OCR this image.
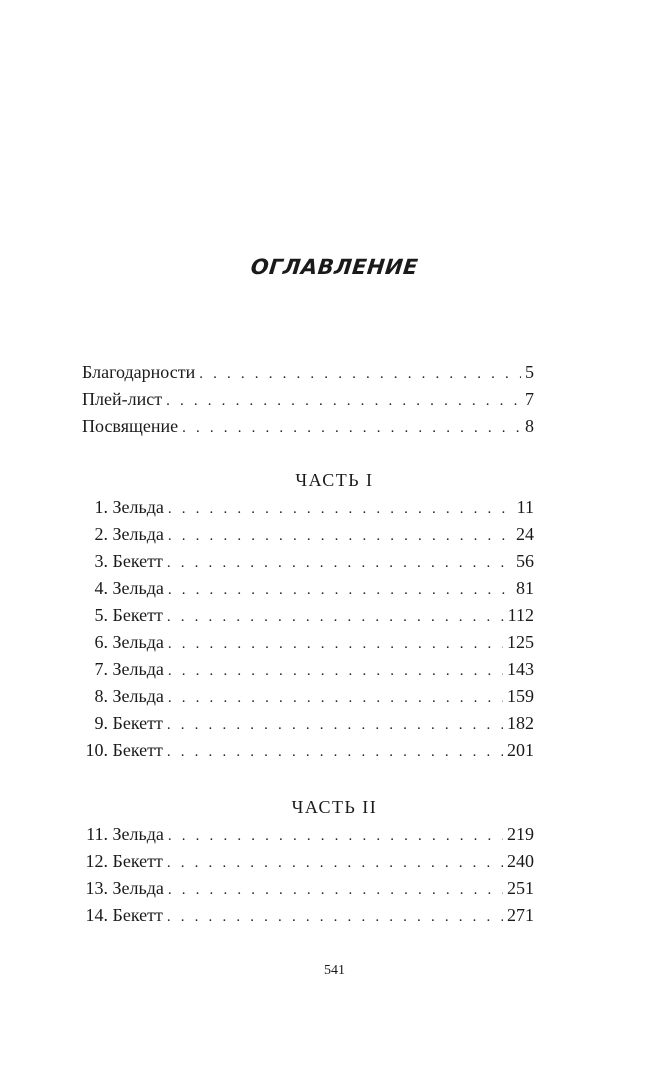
ОГЛАВЛЕНИЕ
Благодарности . . .	5
Плей-лист . . .	7
Посвящение . . .	8
ЧАСТЬ I
1. Зельда . . .	11
2. Зельда . . .	24
3. Бекетт . . .	56
4. Зельда . . .	81
5. Бекетт . . .	112
6. Зельда . . .	125
7. Зельда . . .	143
8. Зельда . . .	159
9. Бекетт . . .	182
10. Бекетт . . .	201
ЧАСТЬ II
11. Зельда . . .	219
12. Бекетт . . .	240
13. Зельда . . .	251
14. Бекетт . . .	271
541
